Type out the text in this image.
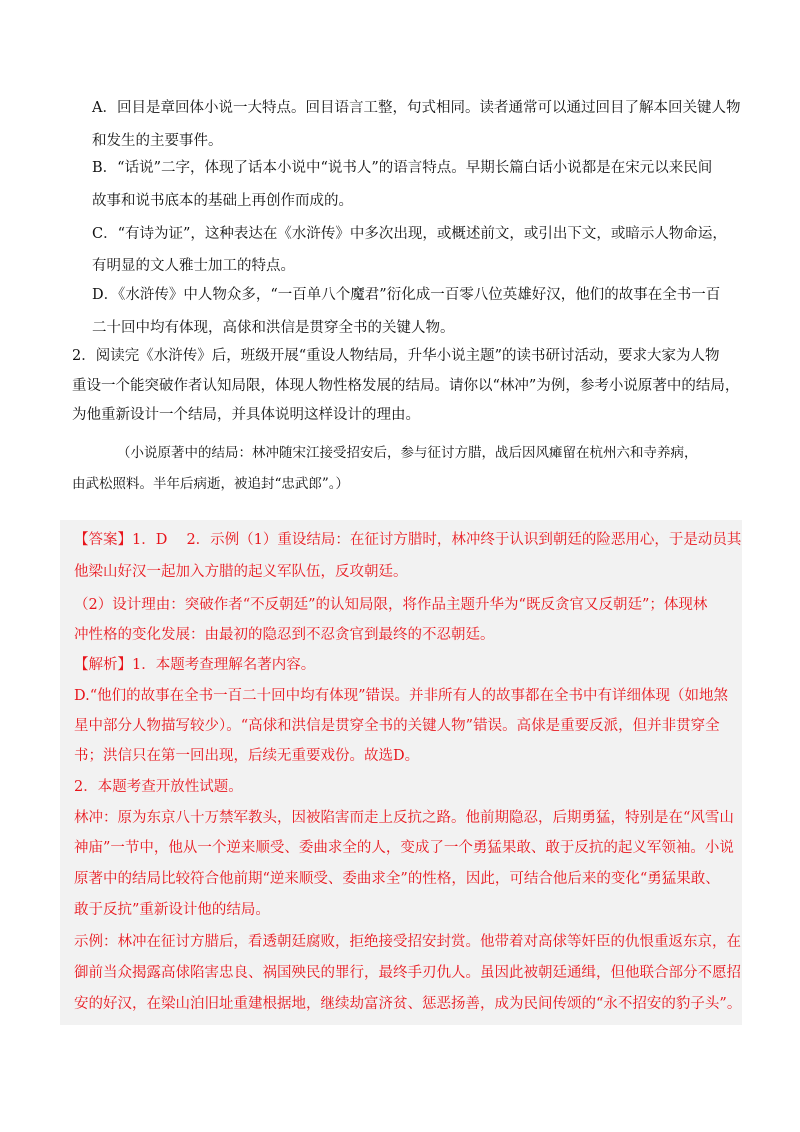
A．回目是章回体小说一大特点。回目语言工整，句式相同。读者通常可以通过回目了解本回关键人物
和发生的主要事件。
B．“话说”二字，体现了话本小说中“说书人”的语言特点。早期长篇白话小说都是在宋元以来民间
故事和说书底本的基础上再创作而成的。
C．“有诗为证”，这种表达在《水浒传》中多次出现，或概述前文，或引出下文，或暗示人物命运，
有明显的文人雅士加工的特点。
D．《水浒传》中人物众多，“一百单八个魔君”衍化成一百零八位英雄好汉，他们的故事在全书一百
二十回中均有体现，高俅和洪信是贯穿全书的关键人物。
2．阅读完《水浒传》后，班级开展“重设人物结局，升华小说主题”的读书研讨活动，要求大家为人物
重设一个能突破作者认知局限，体现人物性格发展的结局。请你以“林冲”为例，参考小说原著中的结局，
为他重新设计一个结局，并具体说明这样设计的理由。
（小说原著中的结局：林冲随宋江接受招安后，参与征讨方腊，战后因风瘫留在杭州六和寺养病，
由武松照料。半年后病逝，被追封“忠武郎”。）
【答案】1．D　 2．示例（1）重设结局：在征讨方腊时，林冲终于认识到朝廷的险恶用心，于是动员其
他梁山好汉一起加入方腊的起义军队伍，反攻朝廷。
（2）设计理由：突破作者“不反朝廷”的认知局限，将作品主题升华为“既反贪官又反朝廷”；体现林
冲性格的变化发展：由最初的隐忍到不忍贪官到最终的不忍朝廷。
【解析】1．本题考查理解名著内容。
D.“他们的故事在全书一百二十回中均有体现”错误。并非所有人的故事都在全书中有详细体现（如地煞
星中部分人物描写较少）。“高俅和洪信是贯穿全书的关键人物”错误。高俅是重要反派，但并非贯穿全
书；洪信只在第一回出现，后续无重要戏份。故选D。
2．本题考查开放性试题。
林冲：原为东京八十万禁军教头，因被陷害而走上反抗之路。他前期隐忍，后期勇猛，特别是在“风雪山
神庙”一节中，他从一个逆来顺受、委曲求全的人，变成了一个勇猛果敢、敢于反抗的起义军领袖。小说
原著中的结局比较符合他前期“逆来顺受、委曲求全”的性格，因此，可结合他后来的变化“勇猛果敢、
敢于反抗”重新设计他的结局。
示例：林冲在征讨方腊后，看透朝廷腐败，拒绝接受招安封赏。他带着对高俅等奸臣的仇恨重返东京，在
御前当众揭露高俅陷害忠良、祸国殃民的罪行，最终手刃仇人。虽因此被朝廷通缉，但他联合部分不愿招
安的好汉，在梁山泊旧址重建根据地，继续劫富济贫、惩恶扬善，成为民间传颂的“永不招安的豹子头”。
